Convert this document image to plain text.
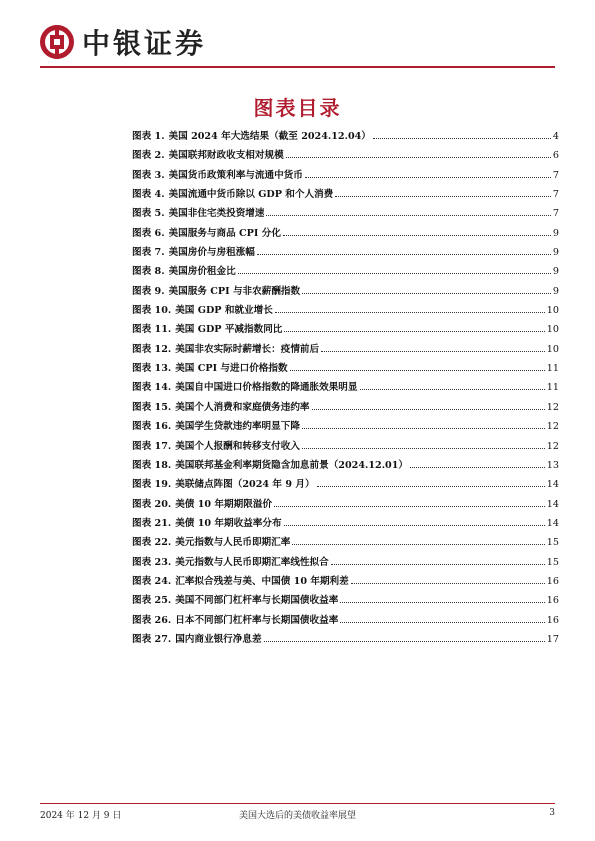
中银证券
图表目录
图表 1. 美国 2024 年大选结果（截至 2024.12.04）	4
图表 2. 美国联邦财政收支相对规模	6
图表 3. 美国货币政策利率与流通中货币	7
图表 4. 美国流通中货币除以 GDP 和个人消费	7
图表 5. 美国非住宅类投资增速	7
图表 6. 美国服务与商品 CPI 分化	9
图表 7. 美国房价与房租涨幅	9
图表 8. 美国房价租金比	9
图表 9. 美国服务 CPI 与非农薪酬指数	9
图表 10. 美国 GDP 和就业增长	10
图表 11. 美国 GDP 平减指数同比	10
图表 12. 美国非农实际时薪增长：疫情前后	10
图表 13. 美国 CPI 与进口价格指数	11
图表 14. 美国自中国进口价格指数的降通胀效果明显	11
图表 15. 美国个人消费和家庭债务违约率	12
图表 16. 美国学生贷款违约率明显下降	12
图表 17. 美国个人报酬和转移支付收入	12
图表 18. 美国联邦基金利率期货隐含加息前景（2024.12.01）	13
图表 19. 美联储点阵图（2024 年 9 月）	14
图表 20. 美债 10 年期期限溢价	14
图表 21. 美债 10 年期收益率分布	14
图表 22. 美元指数与人民币即期汇率	15
图表 23. 美元指数与人民币即期汇率线性拟合	15
图表 24. 汇率拟合残差与美、中国债 10 年期利差	16
图表 25. 美国不同部门杠杆率与长期国债收益率	16
图表 26. 日本不同部门杠杆率与长期国债收益率	16
图表 27. 国内商业银行净息差	17
2024 年 12 月 9 日	美国大选后的美债收益率展望	3
